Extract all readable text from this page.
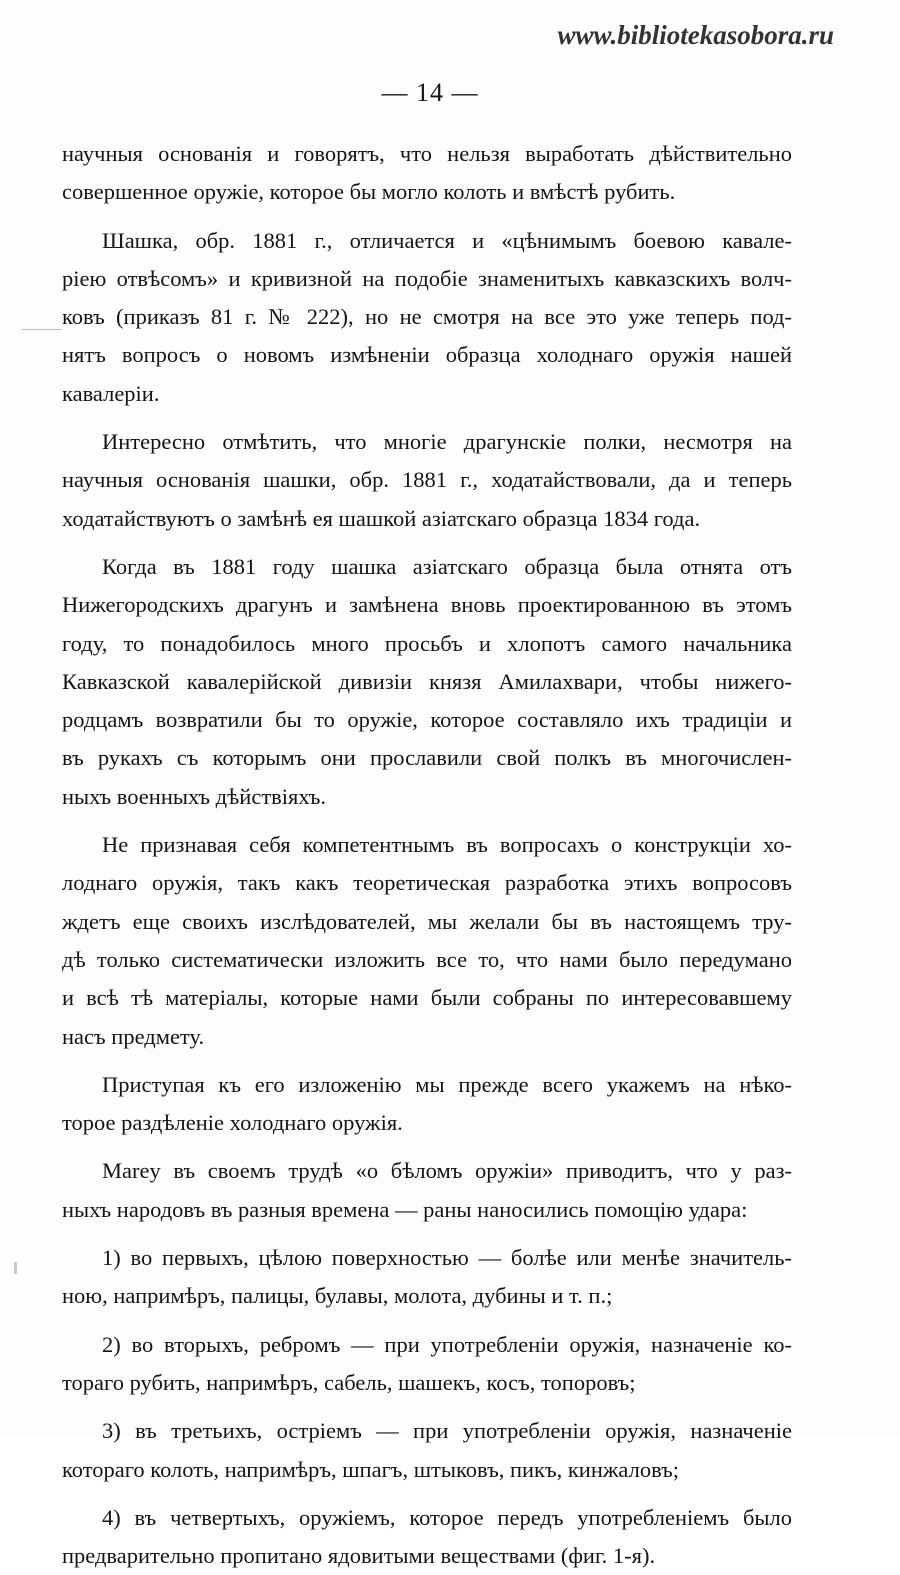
www.bibliotekasobora.ru
— 14 —
научныя основанія и говорятъ, что нельзя выработать дѣйствительно
совершенное оружіе, которое бы могло колоть и вмѣстѣ рубить.
Шашка, обр. 1881 г., отличается и «цѣнимымъ боевою кавале-
ріею отвѣсомъ» и кривизной на подобіе знаменитыхъ кавказскихъ волч-
ковъ (приказъ 81 г. № 222), но не смотря на все это уже теперь под-
нятъ вопросъ о новомъ измѣненіи образца холоднаго оружія нашей
кавалеріи.
Интересно отмѣтить, что многіе драгунскіе полки, несмотря на
научныя основанія шашки, обр. 1881 г., ходатайствовали, да и теперь
ходатайствуютъ о замѣнѣ ея шашкой азіатскаго образца 1834 года.
Когда въ 1881 году шашка азіатскаго образца была отнята отъ
Нижегородскихъ драгунъ и замѣнена вновь проектированною въ этомъ
году, то понадобилось много просьбъ и хлопотъ самого начальника
Кавказской кавалерійской дивизіи князя Амилахвари, чтобы нижего-
родцамъ возвратили бы то оружіе, которое составляло ихъ традиціи и
въ рукахъ съ которымъ они прославили свой полкъ въ многочислен-
ныхъ военныхъ дѣйствіяхъ.
Не признавая себя компетентнымъ въ вопросахъ о конструкціи хо-
лоднаго оружія, такъ какъ теоретическая разработка этихъ вопросовъ
ждетъ еще своихъ изслѣдователей, мы желали бы въ настоящемъ тру-
дѣ только систематически изложить все то, что нами было передумано
и всѣ тѣ матеріалы, которые нами были собраны по интересовавшему
насъ предмету.
Приступая къ его изложенію мы прежде всего укажемъ на нѣко-
торое раздѣленіе холоднаго оружія.
Marey въ своемъ трудѣ «о бѣломъ оружіи» приводитъ, что у раз-
ныхъ народовъ въ разныя времена — раны наносились помощію удара:
1) во первыхъ, цѣлою поверхностью — болѣе или менѣе значитель-
ною, напримѣръ, палицы, булавы, молота, дубины и т. п.;
2) во вторыхъ, ребромъ — при употребленіи оружія, назначеніе ко-
тораго рубить, напримѣръ, сабель, шашекъ, косъ, топоровъ;
3) въ третьихъ, остріемъ — при употребленіи оружія, назначеніе
котораго колоть, напримѣръ, шпагъ, штыковъ, пикъ, кинжаловъ;
4) въ четвертыхъ, оружіемъ, которое передъ употребленіемъ было
предварительно пропитано ядовитыми веществами (фиг. 1-я).
